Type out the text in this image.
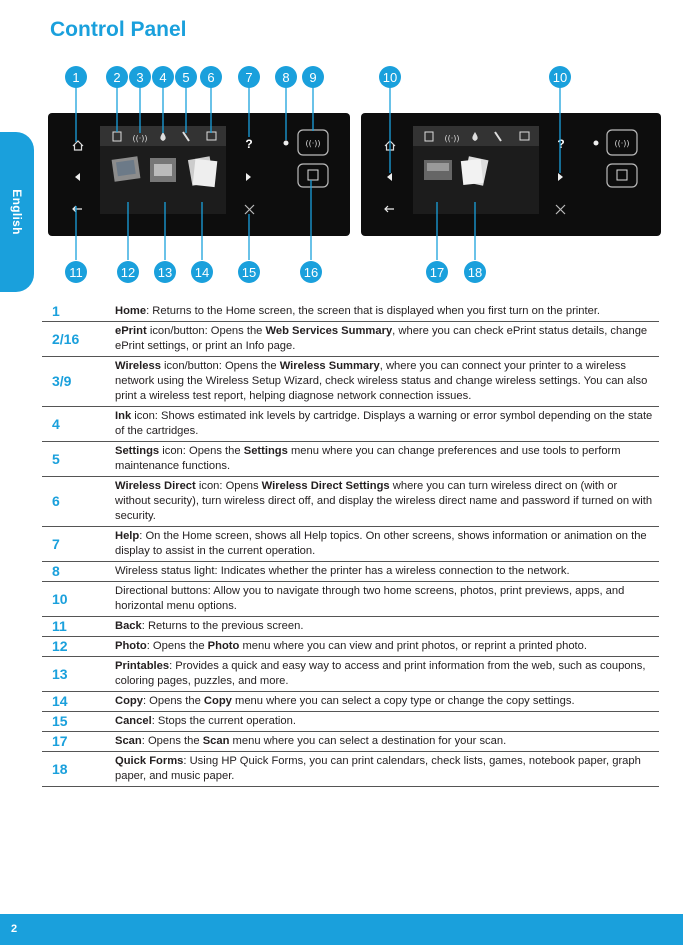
Control Panel
English
((·))	?	((·))
((·))	?	((·))
1	2 3 4 5 6 7 8 9	10	10
11	12 13 14	15	16	17 18
1	Home: Returns to the Home screen, the screen that is displayed when you first turn on the printer.
2/16	ePrint icon/button: Opens the Web Services Summary, where you can check ePrint status details, change ePrint settings, or print an Info page.
3/9	Wireless icon/button: Opens the Wireless Summary, where you can connect your printer to a wireless network using the Wireless Setup Wizard, check wireless status and change wireless settings. You can also print a wireless test report, helping diagnose network connection issues.
4	Ink icon: Shows estimated ink levels by cartridge. Displays a warning or error symbol depending on the state of the cartridges.
5	Settings icon: Opens the Settings menu where you can change preferences and use tools to perform maintenance functions.
6	Wireless Direct icon: Opens Wireless Direct Settings where you can turn wireless direct on (with or without security), turn wireless direct off, and display the wireless direct name and password if turned on with security.
7	Help: On the Home screen, shows all Help topics. On other screens, shows information or animation on the display to assist in the current operation.
8	Wireless status light: Indicates whether the printer has a wireless connection to the network.
10	Directional buttons: Allow you to navigate through two home screens, photos, print previews, apps, and horizontal menu options.
11	Back: Returns to the previous screen.
12	Photo: Opens the Photo menu where you can view and print photos, or reprint a printed photo.
13	Printables: Provides a quick and easy way to access and print information from the web, such as coupons, coloring pages, puzzles, and more.
14	Copy: Opens the Copy menu where you can select a copy type or change the copy settings.
15	Cancel: Stops the current operation.
17	Scan: Opens the Scan menu where you can select a destination for your scan.
18	Quick Forms: Using HP Quick Forms, you can print calendars, check lists, games, notebook paper, graph paper, and music paper.
2
